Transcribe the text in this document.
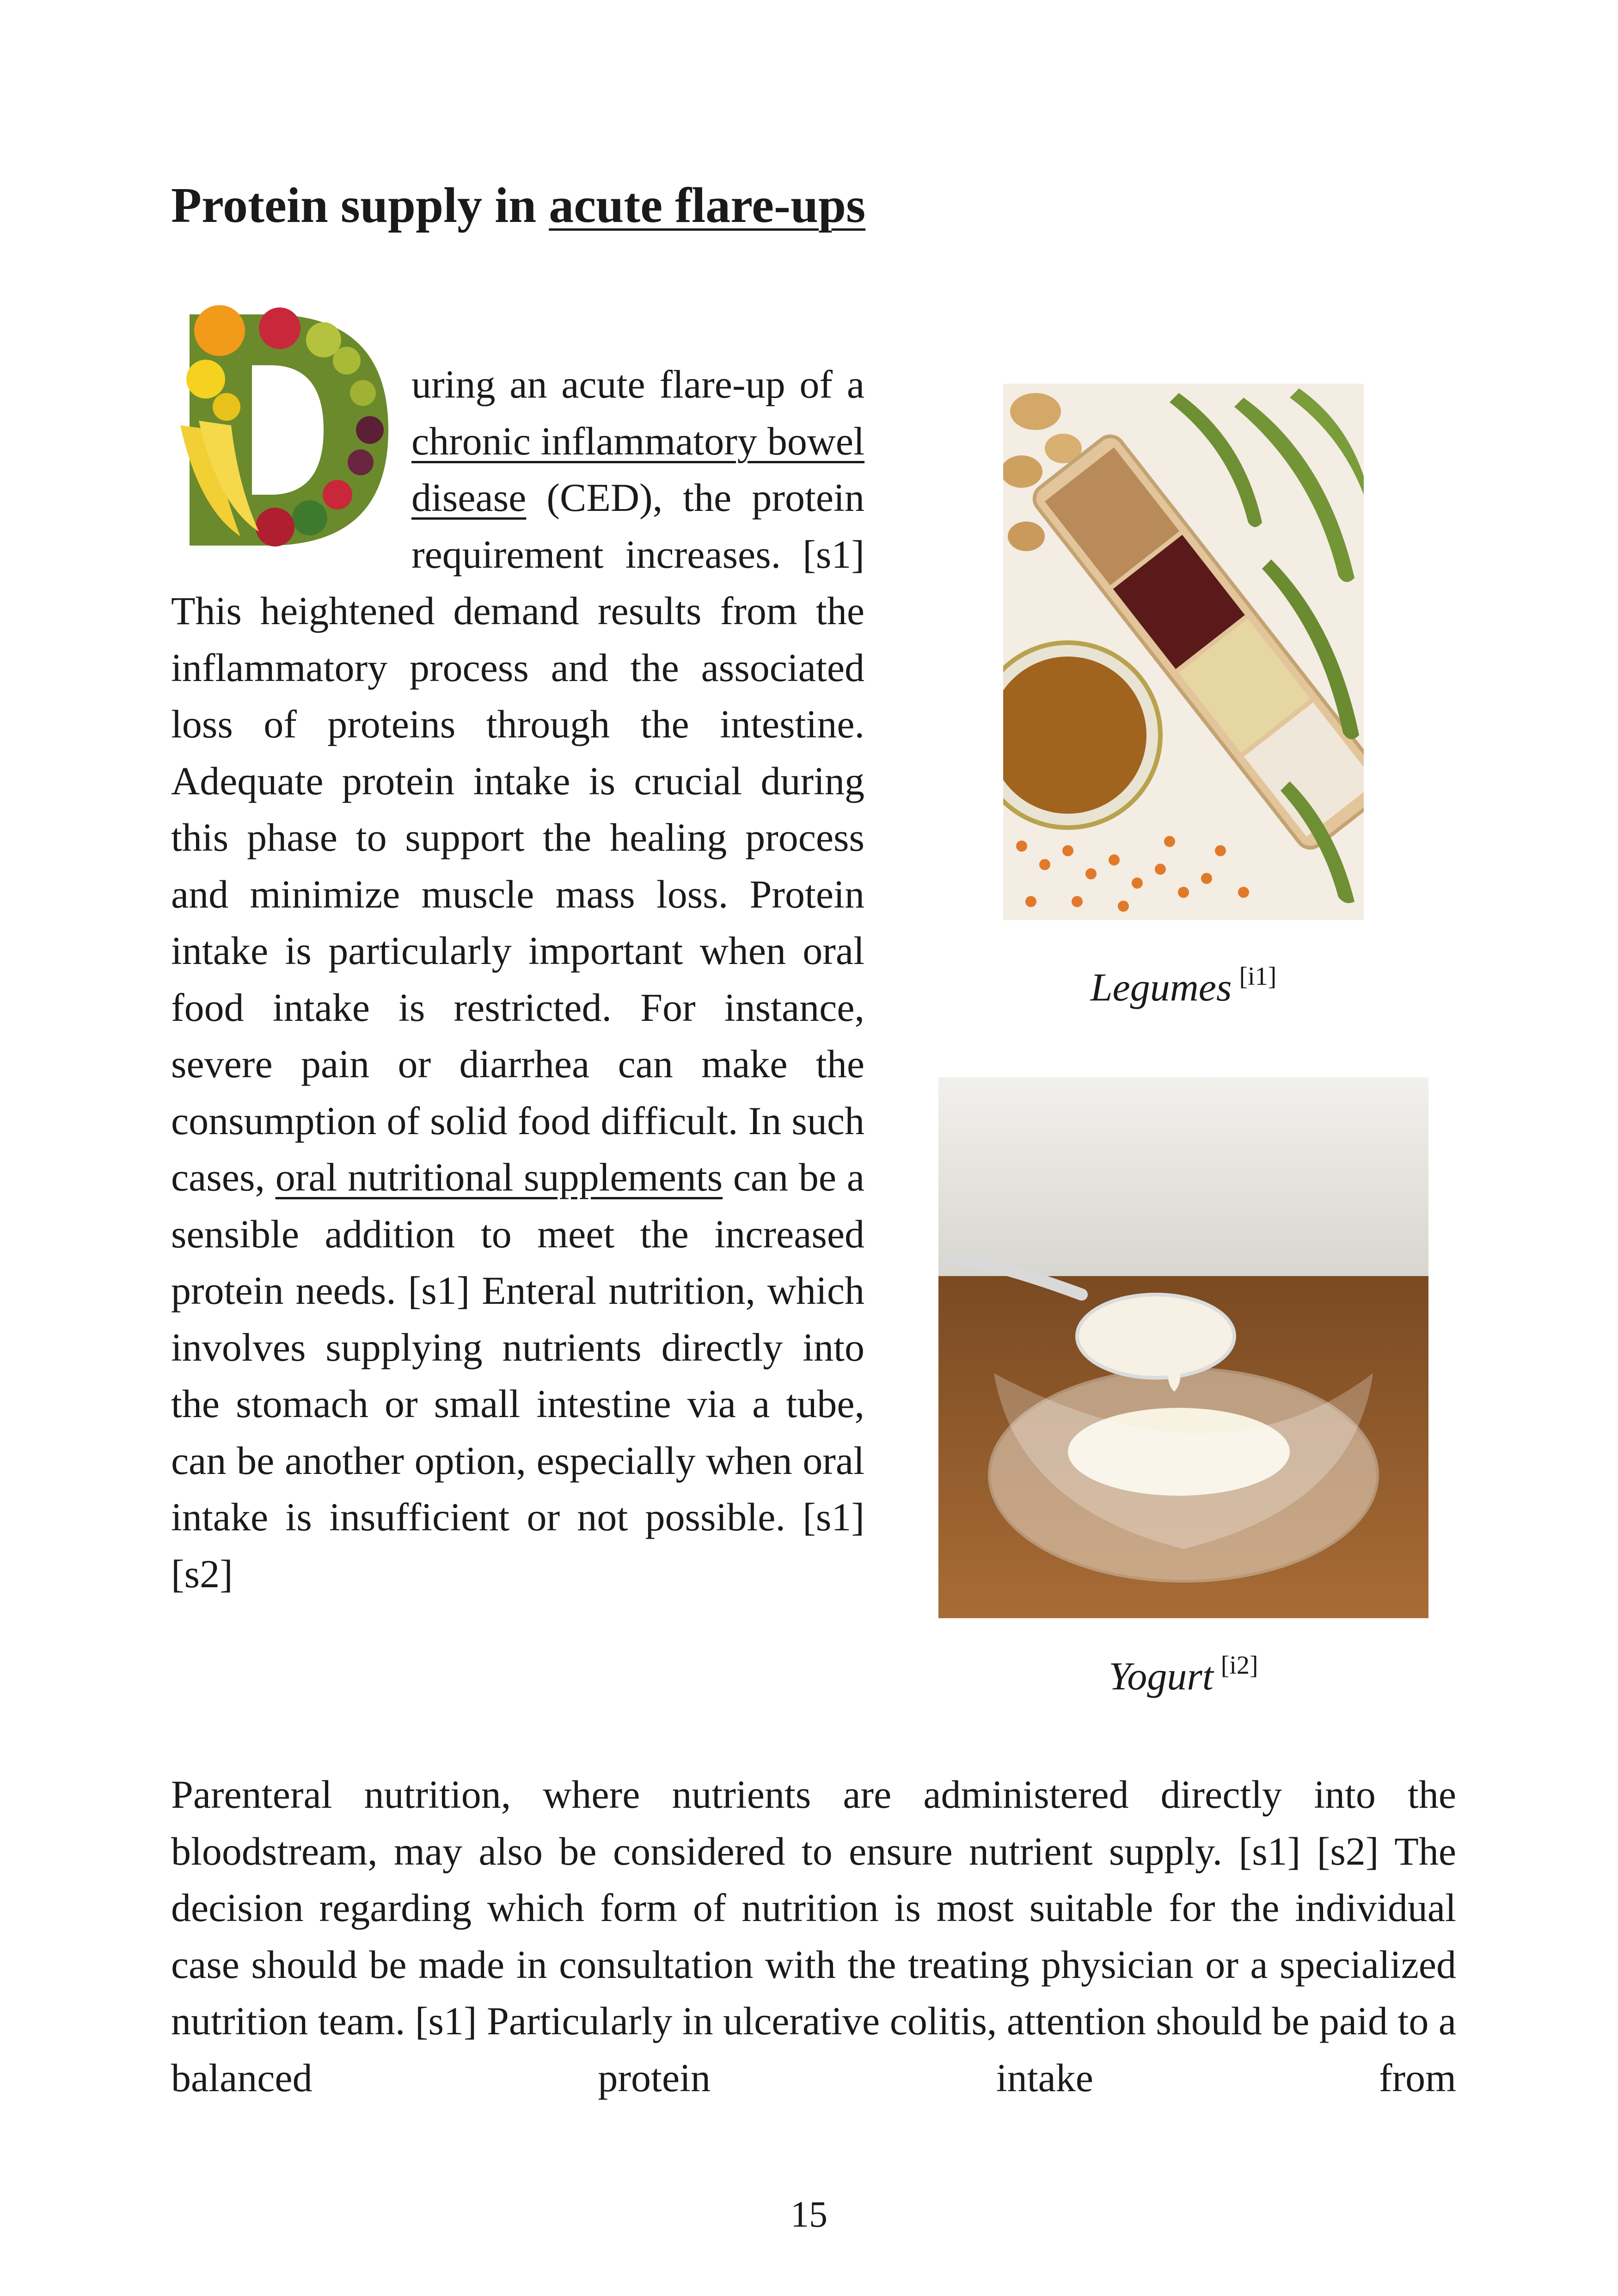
Protein supply in acute flare-ups

uring an acute flare-up of a chronic inflammatory bowel disease (CED), the protein requirement increases. [s1] This heightened demand results from the inflammatory process and the associated loss of proteins through the intestine. Adequate protein intake is crucial during this phase to support the healing process and minimize muscle mass loss. Protein intake is particularly important when oral food intake is restricted. For instance, severe pain or diarrhea can make the consumption of solid food difficult. In such cases, oral nutritional supplements can be a sensible addition to meet the increased protein needs. [s1] Enteral nutrition, which involves supplying nutrients directly into the stomach or small intestine via a tube, can be another option, especially when oral intake is insufficient or not possible. [s1] [s2]

Parenteral nutrition, where nutrients are administered directly into the bloodstream, may also be considered to ensure nutrient supply. [s1] [s2] The decision regarding which form of nutrition is most suitable for the individual case should be made in consultation with the treating physician or a specialized nutrition team. [s1] Particularly in ulcerative colitis, attention should be paid to a balanced protein intake from

Legumes [i1]
Yogurt [i2]
15
